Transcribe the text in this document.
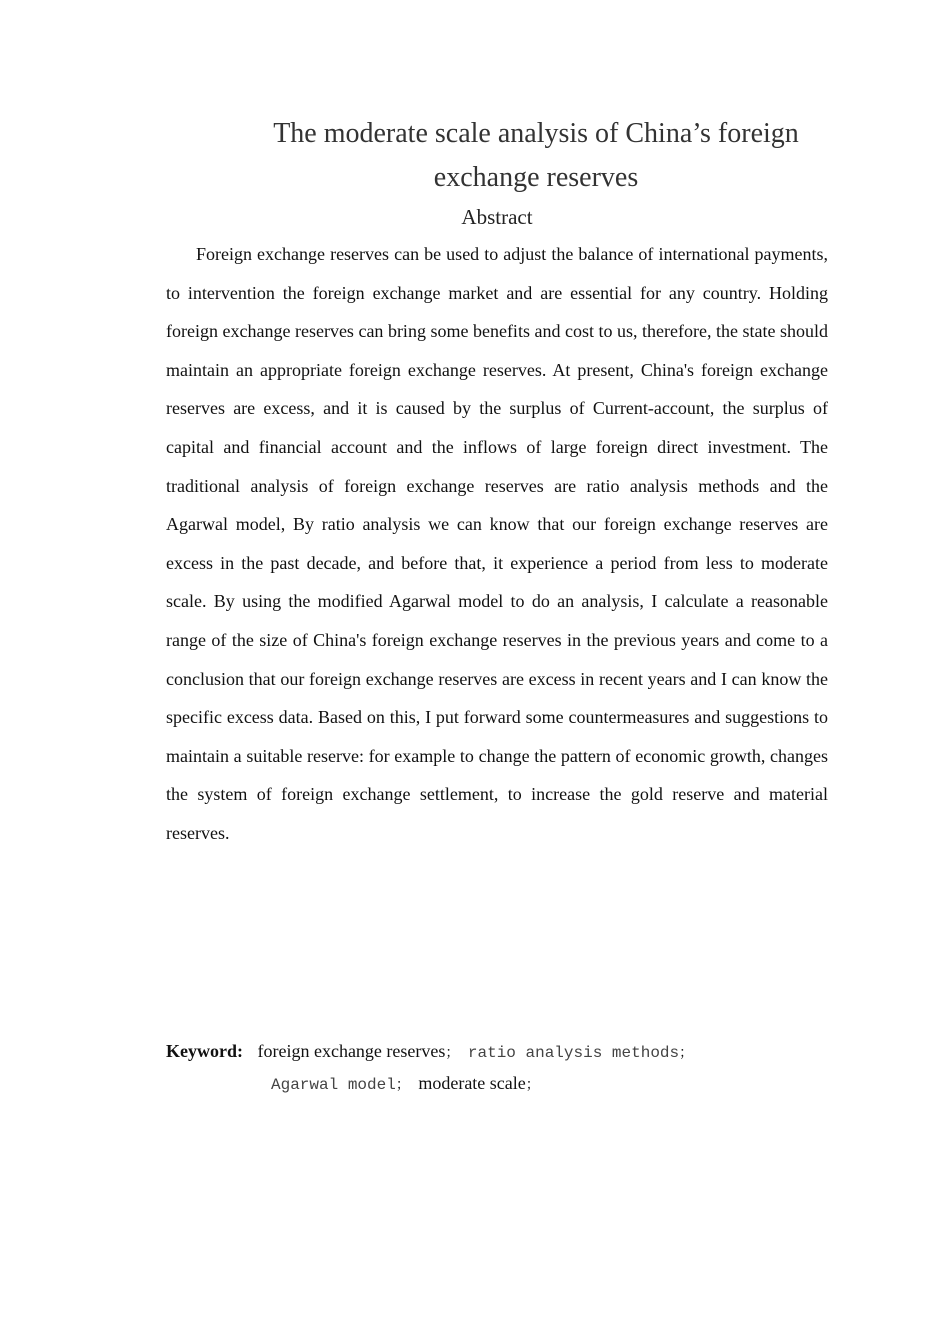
The moderate scale analysis of China’s foreign exchange reserves
Abstract

Foreign exchange reserves can be used to adjust the balance of international payments, to intervention the foreign exchange market and are essential for any country. Holding foreign exchange reserves can bring some benefits and cost to us, therefore, the state should maintain an appropriate foreign exchange reserves. At present, China's foreign exchange reserves are excess, and it is caused by the surplus of Current-account, the surplus of capital and financial account and the inflows of large foreign direct investment. The traditional analysis of foreign exchange reserves are ratio analysis methods and the Agarwal model, By ratio analysis we can know that our foreign exchange reserves are excess in the past decade, and before that, it experience a period from less to moderate scale. By using the modified Agarwal model to do an analysis, I calculate a reasonable range of the size of China's foreign exchange reserves in the previous years and come to a conclusion that our foreign exchange reserves are excess in recent years and I can know the specific excess data. Based on this, I put forward some countermeasures and suggestions to maintain a suitable reserve: for example to change the pattern of economic growth, changes the system of foreign exchange settlement, to increase the gold reserve and material reserves.

Keyword: foreign exchange reserves； ratio analysis methods；
Agarwal model； moderate scale；
